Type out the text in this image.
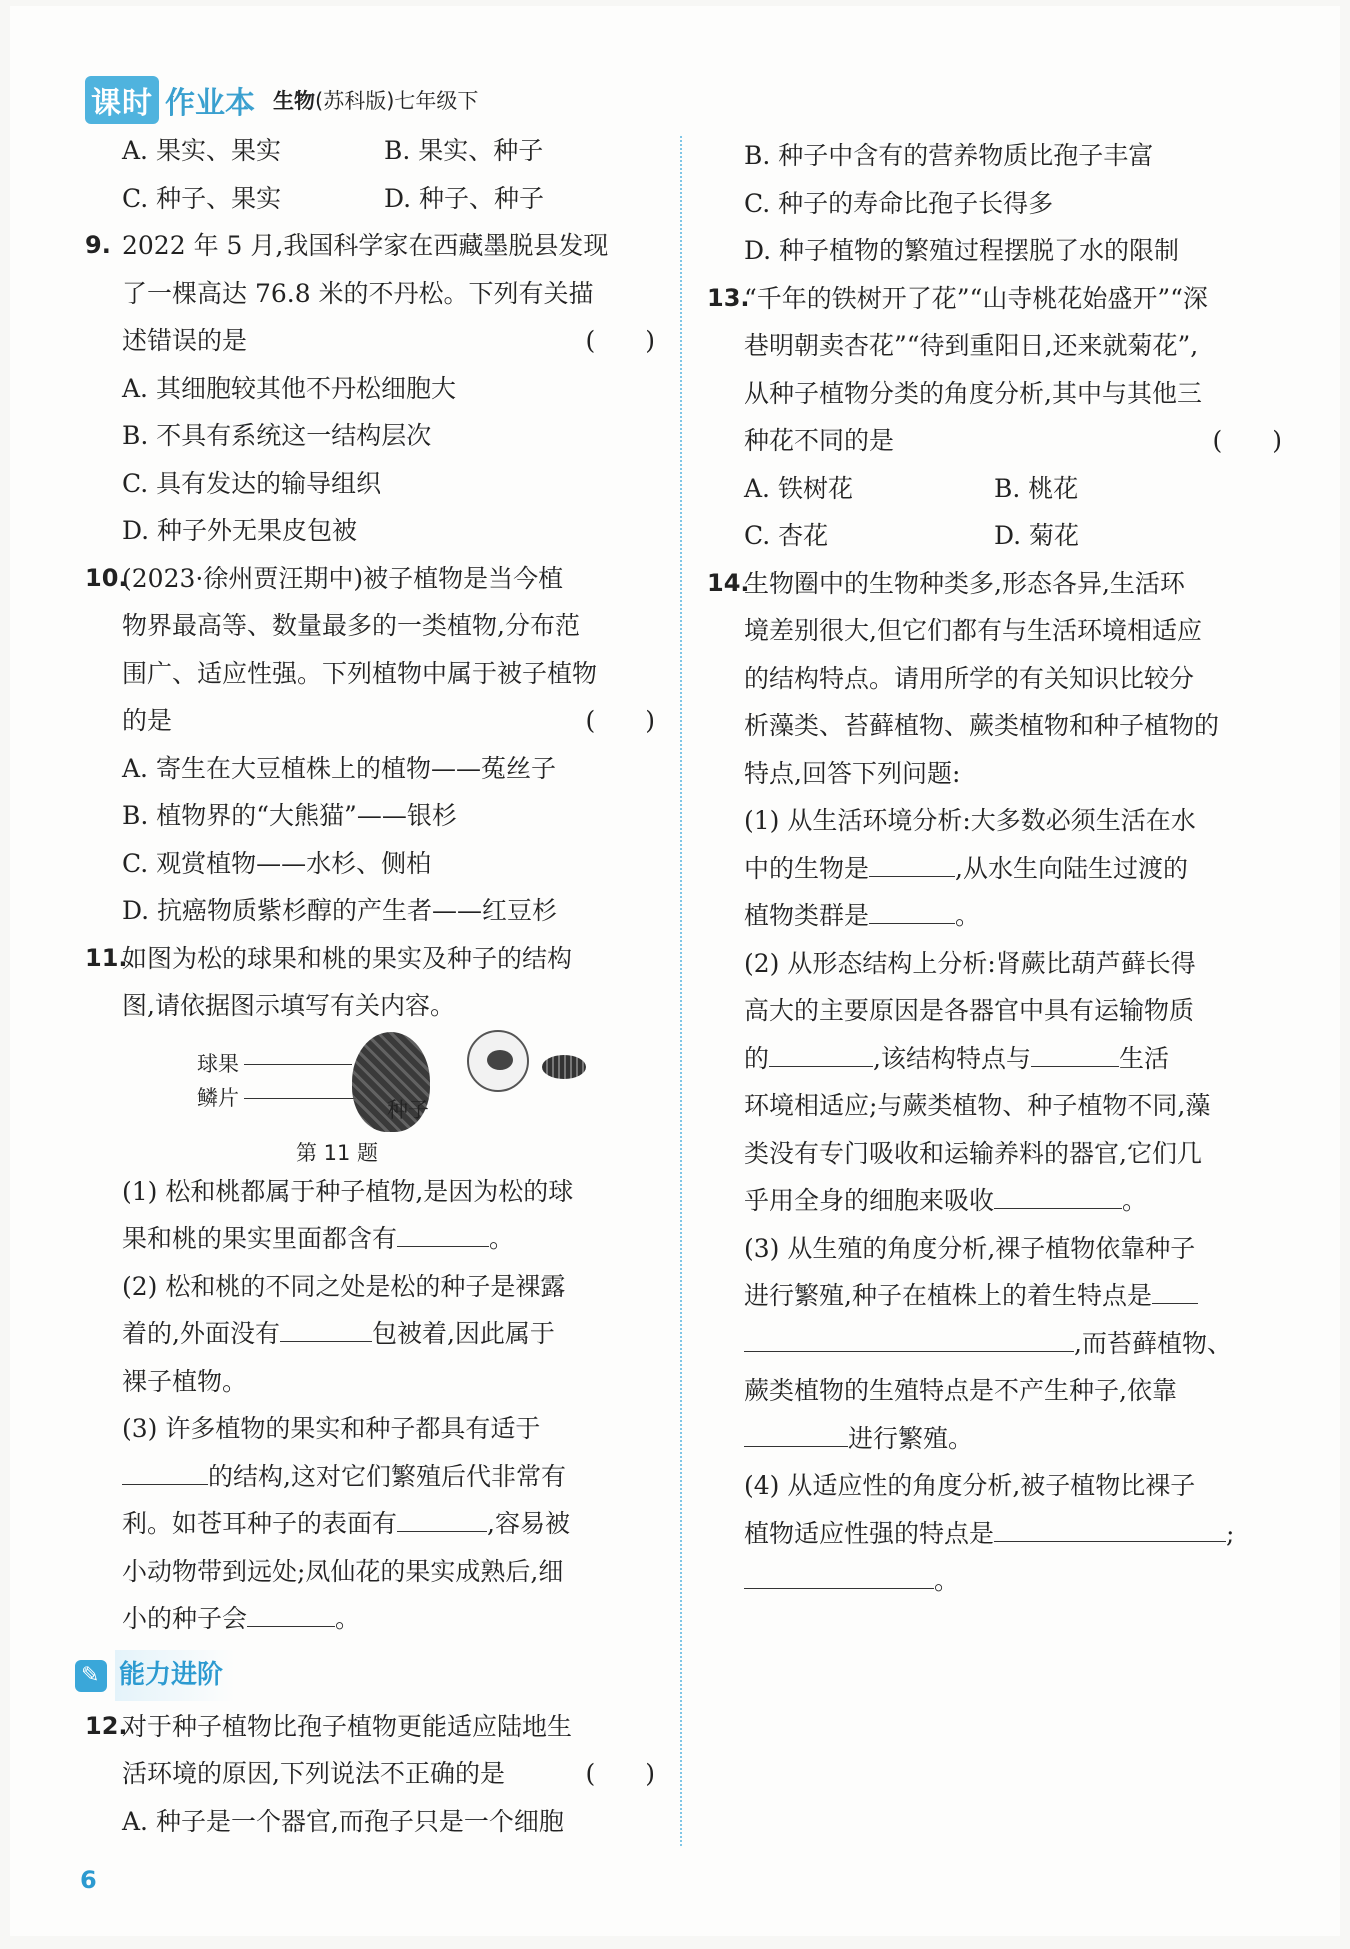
课时 作业本 生物(苏科版)七年级下
A. 果实、果实	B. 果实、种子
C. 种子、果实	D. 种子、种子
9. 2022 年 5 月,我国科学家在西藏墨脱县发现
了一棵高达 76.8 米的不丹松。下列有关描
述错误的是	(　　)
A. 其细胞较其他不丹松细胞大
B. 不具有系统这一结构层次
C. 具有发达的输导组织
D. 种子外无果皮包被
10.
(2023·徐州贾汪期中)被子植物是当今植
物界最高等、数量最多的一类植物,分布范
围广、适应性强。下列植物中属于被子植物
的是	(　　)
A. 寄生在大豆植株上的植物——菟丝子
B. 植物界的“大熊猫”——银杉
C. 观赏植物——水杉、侧柏
D. 抗癌物质紫杉醇的产生者——红豆杉
11.
如图为松的球果和桃的果实及种子的结构
图,请依据图示填写有关内容。
球果
鳞片	种子
第 11 题
(1) 松和桃都属于种子植物,是因为松的球
果和桃的果实里面都含有	。
(2) 松和桃的不同之处是松的种子是裸露
着的,外面没有	包被着,因此属于
裸子植物。
(3) 许多植物的果实和种子都具有适于
的结构,这对它们繁殖后代非常有
利。如苍耳种子的表面有	,容易被
小动物带到远处;凤仙花的果实成熟后,细
小的种子会	。
✎
能力进阶
12.
对于种子植物比孢子植物更能适应陆地生
活环境的原因,下列说法不正确的是	(　　)
A. 种子是一个器官,而孢子只是一个细胞
B. 种子中含有的营养物质比孢子丰富
C. 种子的寿命比孢子长得多
D. 种子植物的繁殖过程摆脱了水的限制
13.
“千年的铁树开了花”“山寺桃花始盛开”“深
巷明朝卖杏花”“待到重阳日,还来就菊花”,
从种子植物分类的角度分析,其中与其他三
种花不同的是	(　　)
A. 铁树花	B. 桃花
C. 杏花	D. 菊花
14.
生物圈中的生物种类多,形态各异,生活环
境差别很大,但它们都有与生活环境相适应
的结构特点。请用所学的有关知识比较分
析藻类、苔藓植物、蕨类植物和种子植物的
特点,回答下列问题:
(1) 从生活环境分析:大多数必须生活在水
中的生物是	,从水生向陆生过渡的
植物类群是	。
(2) 从形态结构上分析:肾蕨比葫芦藓长得
高大的主要原因是各器官中具有运输物质
的	,该结构特点与	生活
环境相适应;与蕨类植物、种子植物不同,藻
类没有专门吸收和运输养料的器官,它们几
乎用全身的细胞来吸收	。
(3) 从生殖的角度分析,裸子植物依靠种子
进行繁殖,种子在植株上的着生特点是
,而苔藓植物、
蕨类植物的生殖特点是不产生种子,依靠
进行繁殖。
(4) 从适应性的角度分析,被子植物比裸子
植物适应性强的特点是	;
。
6
